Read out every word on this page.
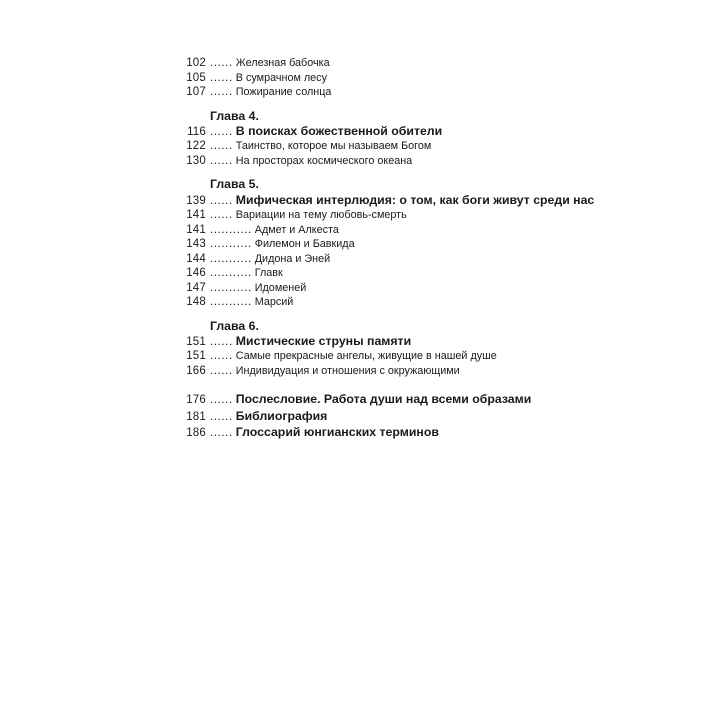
102 ...... Железная бабочка
105 ...... В сумрачном лесу
107 ...... Пожирание солнца
Глава 4.
116 ...... В поисках божественной обители
122 ...... Таинство, которое мы называем Богом
130 ...... На просторах космического океана
Глава 5.
139 ...... Мифическая интерлюдия: о том, как боги живут среди нас
141 ...... Вариации на тему любовь-смерть
141 ........... Адмет и Алкеста
143 ........... Филемон и Бавкида
144 ........... Дидона и Эней
146 ........... Главк
147 ........... Идоменей
148 ........... Марсий
Глава 6.
151 ...... Мистические струны памяти
151 ...... Самые прекрасные ангелы, живущие в нашей душе
166 ...... Индивидуация и отношения с окружающими
176 ...... Послесловие. Работа души над всеми образами
181 ...... Библиография
186 ...... Глоссарий юнгианских терминов
